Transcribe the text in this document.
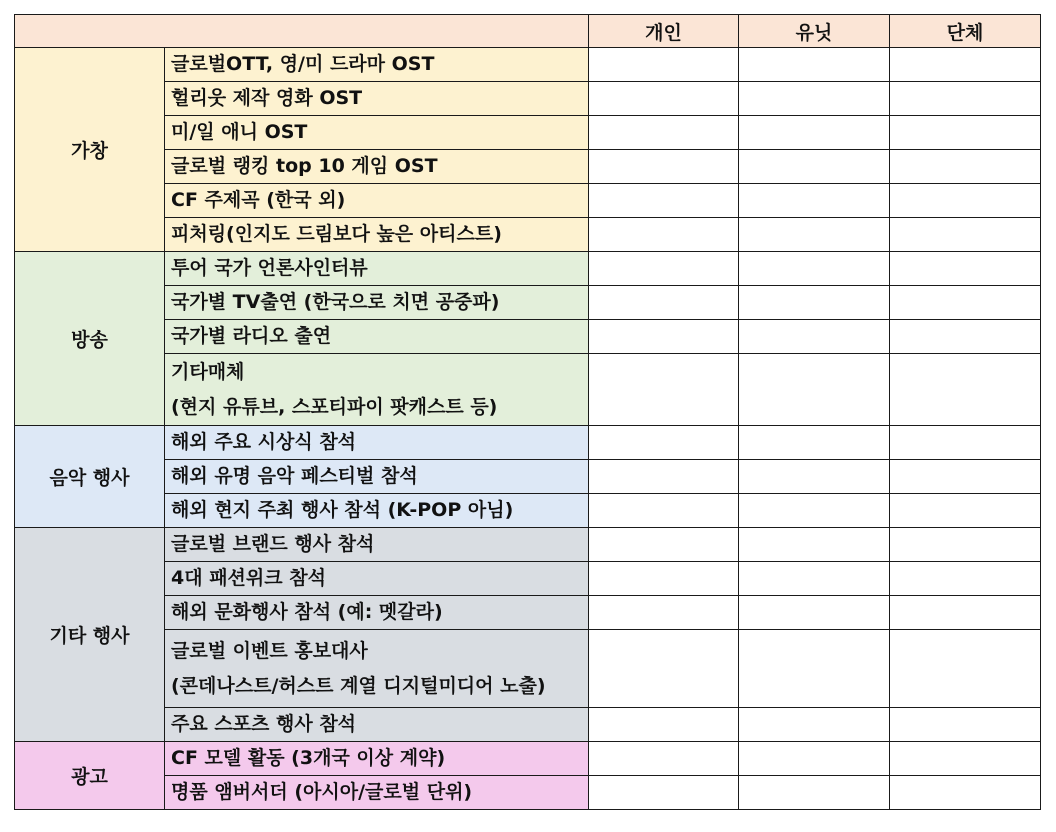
		개인	유닛	단체
가창	글로벌OTT, 영/미 드라마 OST			

	헐리웃 제작 영화 OST			

	미/일 애니 OST			

	글로벌 랭킹 top 10 게임 OST			

	CF 주제곡 (한국 외)			

	피처링(인지도 드림보다 높은 아티스트)			

방송	투어 국가 언론사인터뷰			

	국가별 TV출연 (한국으로 치면 공중파)			

	국가별 라디오 출연			

	기타매체
(현지 유튜브, 스포티파이 팟캐스트 등)			

음악 행사	해외 주요 시상식 참석			

	해외 유명 음악 페스티벌 참석			

	해외 현지 주최 행사 참석 (K-POP 아님)			

기타 행사	글로벌 브랜드 행사 참석			

	4대 패션위크 참석			

	해외 문화행사 참석 (예: 멧갈라)			

	글로벌 이벤트 홍보대사
(콘데나스트/허스트 계열 디지털미디어 노출)			

	주요 스포츠 행사 참석			

광고	CF 모델 활동 (3개국 이상 계약)			

	명품 앰버서더 (아시아/글로벌 단위)			
